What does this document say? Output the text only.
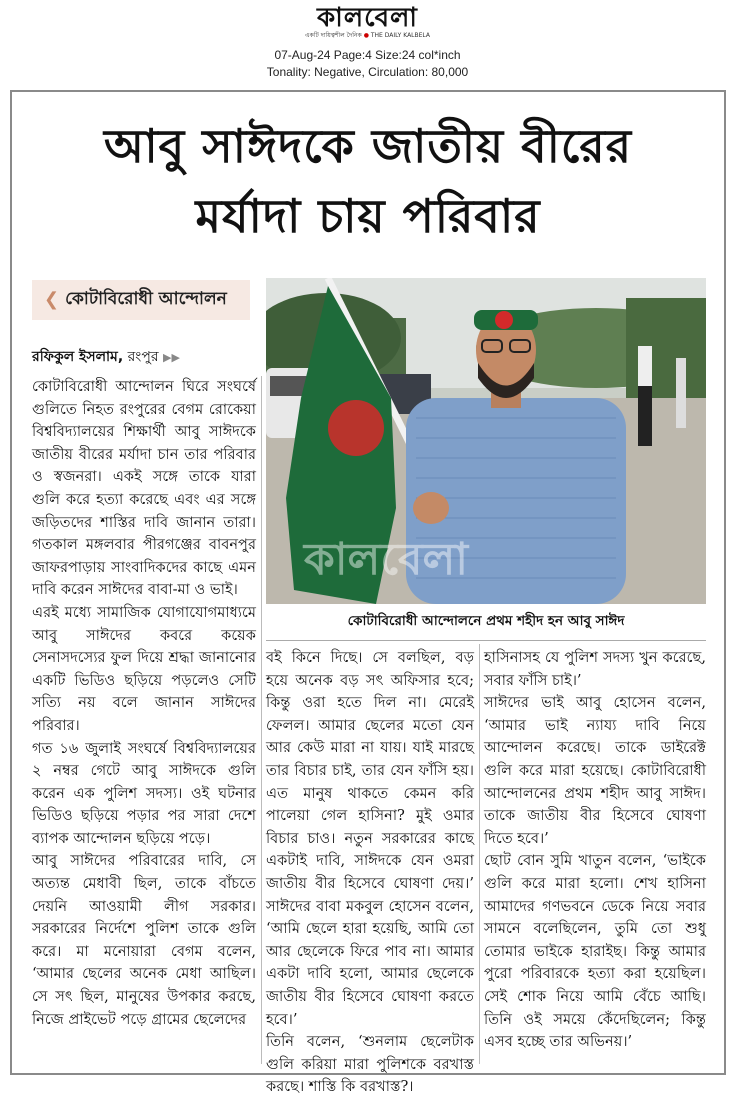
কালবেলা
একটি দায়িত্বশীল দৈনিক ● THE DAILY KALBELA
07-Aug-24 Page:4 Size:24 col*inch
Tonality: Negative, Circulation: 80,000
আবু সাঈদকে জাতীয় বীরের
মর্যাদা চায় পরিবার
❮ কোটাবিরোধী আন্দোলন
রফিকুল ইসলাম, রংপুর ▶▶

কোটাবিরোধী আন্দোলন ঘিরে সংঘর্ষে গুলিতে নিহত রংপুরের বেগম রোকেয়া বিশ্ববিদ্যালয়ের শিক্ষার্থী আবু সাঈদকে জাতীয় বীরের মর্যাদা চান তার পরিবার ও স্বজনরা। একই সঙ্গে তাকে যারা গুলি করে হত্যা করেছে এবং এর সঙ্গে জড়িতদের শাস্তির দাবি জানান তারা। গতকাল মঙ্গলবার পীরগঞ্জের বাবনপুর জাফরপাড়ায় সাংবাদিকদের কাছে এমন দাবি করেন সাঈদের বাবা-মা ও ভাই।

এরই মধ্যে সামাজিক যোগাযোগমাধ্যমে আবু সাঈদের কবরে কয়েক সেনাসদস্যের ফুল দিয়ে শ্রদ্ধা জানানোর একটি ভিডিও ছড়িয়ে পড়লেও সেটি সত্যি নয় বলে জানান সাঈদের পরিবার।

গত ১৬ জুলাই সংঘর্ষে বিশ্ববিদ্যালয়ের ২ নম্বর গেটে আবু সাঈদকে গুলি করেন এক পুলিশ সদস্য। ওই ঘটনার ভিডিও ছড়িয়ে পড়ার পর সারা দেশে ব্যাপক আন্দোলন ছড়িয়ে পড়ে।

আবু সাঈদের পরিবারের দাবি, সে অত্যন্ত মেধাবী ছিল, তাকে বাঁচতে দেয়নি আওয়ামী লীগ সরকার। সরকারের নির্দেশে পুলিশ তাকে গুলি করে। মা মনোয়ারা বেগম বলেন, ‘আমার ছেলের অনেক মেধা আছিল। সে সৎ ছিল, মানুষের উপকার করছে, নিজে প্রাইভেট পড়ে গ্রামের ছেলেদের

কালবেলা
কোটাবিরোধী আন্দোলনে প্রথম শহীদ হন আবু সাঈদ

বই কিনে দিছে। সে বলছিল, বড় হয়ে অনেক বড় সৎ অফিসার হবে; কিন্তু ওরা হতে দিল না। মেরেই ফেলল। আমার ছেলের মতো যেন আর কেউ মারা না যায়। যাই মারছে তার বিচার চাই, তার যেন ফাঁসি হয়। এত মানুষ থাকতে কেমন করি পালেয়া গেল হাসিনা? মুই ওমার বিচার চাও। নতুন সরকারের কাছে একটাই দাবি, সাঈদকে যেন ওমরা জাতীয় বীর হিসেবে ঘোষণা দেয়।’ সাঈদের বাবা মকবুল হোসেন বলেন, ‘আমি ছেলে হারা হয়েছি, আমি তো আর ছেলেকে ফিরে পাব না। আমার একটা দাবি হলো, আমার ছেলেকে জাতীয় বীর হিসেবে ঘোষণা করতে হবে।’

তিনি বলেন, ‘শুনলাম ছেলেটাক গুলি করিয়া মারা পুলিশকে বরখাস্ত করছে। শাস্তি কি বরখাস্ত?।

হাসিনাসহ যে পুলিশ সদস্য খুন করেছে, সবার ফাঁসি চাই।’

সাঈদের ভাই আবু হোসেন বলেন, ‘আমার ভাই ন্যায্য দাবি নিয়ে আন্দোলন করেছে। তাকে ডাইরেক্ট গুলি করে মারা হয়েছে। কোটাবিরোধী আন্দোলনের প্রথম শহীদ আবু সাঈদ। তাকে জাতীয় বীর হিসেবে ঘোষণা দিতে হবে।’

ছোট বোন সুমি খাতুন বলেন, ‘ভাইকে গুলি করে মারা হলো। শেখ হাসিনা আমাদের গণভবনে ডেকে নিয়ে সবার সামনে বলেছিলেন, তুমি তো শুধু তোমার ভাইকে হারাইছ। কিন্তু আমার পুরো পরিবারকে হত্যা করা হয়েছিল। সেই শোক নিয়ে আমি বেঁচে আছি। তিনি ওই সময়ে কেঁদেছিলেন; কিন্তু এসব হচ্ছে তার অভিনয়।’
